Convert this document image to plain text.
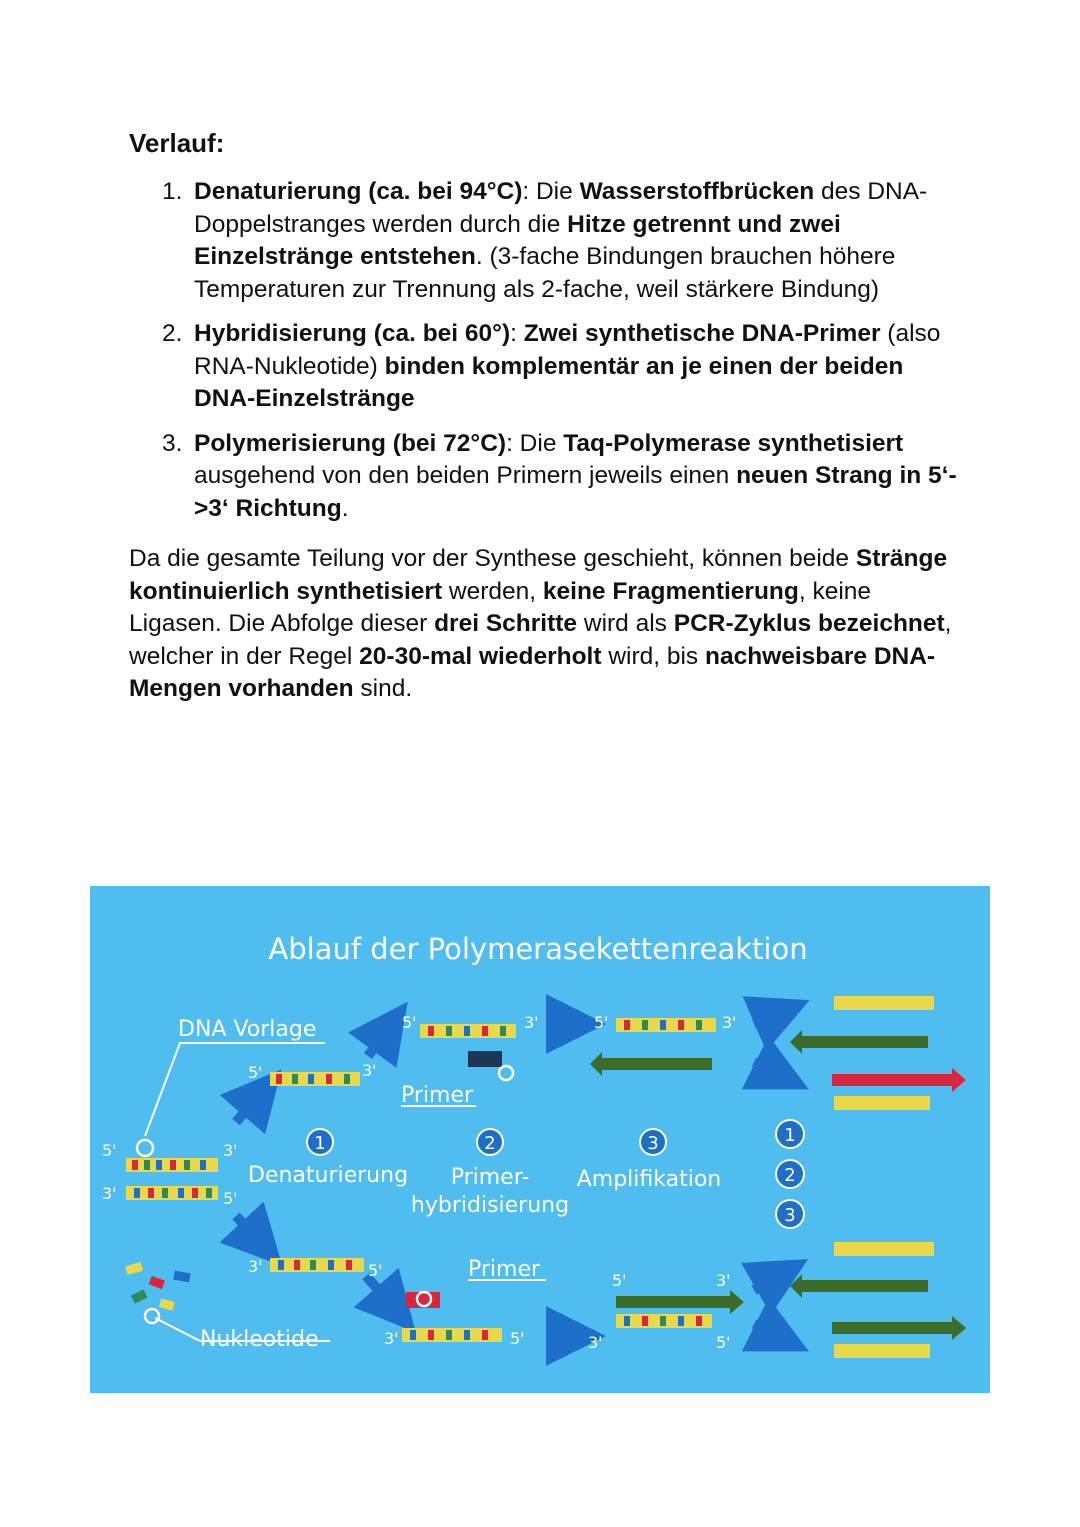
Verlauf:
1. Denaturierung (ca. bei 94°C): Die Wasserstoffbrücken des DNA-Doppelstranges werden durch die Hitze getrennt und zwei Einzelstränge entstehen. (3-fache Bindungen brauchen höhere Temperaturen zur Trennung als 2-fache, weil stärkere Bindung)
2. Hybridisierung (ca. bei 60°): Zwei synthetische DNA-Primer (also RNA-Nukleotide) binden komplementär an je einen der beiden DNA-Einzelstränge
3. Polymerisierung (bei 72°C): Die Taq-Polymerase synthetisiert ausgehend von den beiden Primern jeweils einen neuen Strang in 5‘->3‘ Richtung.

Da die gesamte Teilung vor der Synthese geschieht, können beide Stränge kontinuierlich synthetisiert werden, keine Fragmentierung, keine Ligasen. Die Abfolge dieser drei Schritte wird als PCR-Zyklus bezeichnet, welcher in der Regel 20-30-mal wiederholt wird, bis nachweisbare DNA-Mengen vorhanden sind.

Ablauf der Polymerasekettenreaktion
5'	3'
3'	5'
5'	3'
3'	5'
5'	3'
3'	5'
5'	3'
5'	3'
3'	5'
1
2
3
1	2	3
Denaturierung Primer-
hybridisierung
Amplifikation
DNA Vorlage
Nukleotide
Primer
Primer
